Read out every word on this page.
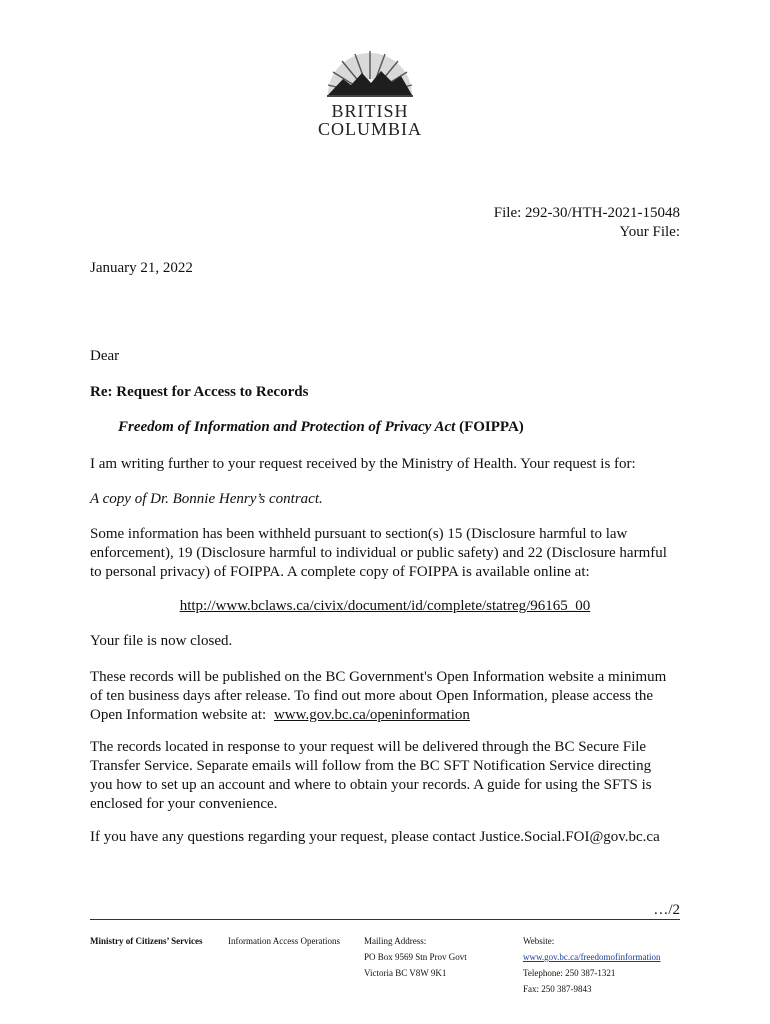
BRITISH
COLUMBIA
File: 292-30/HTH-2021-15048
Your File:
January 21, 2022
Dear
Re: Request for Access to Records
Freedom of Information and Protection of Privacy Act (FOIPPA)
I am writing further to your request received by the Ministry of Health. Your request is for:
A copy of Dr. Bonnie Henry’s contract.
Some information has been withheld pursuant to section(s) 15 (Disclosure harmful to law
enforcement), 19 (Disclosure harmful to individual or public safety) and 22 (Disclosure harmful
to personal privacy) of FOIPPA. A complete copy of FOIPPA is available online at:
http://www.bclaws.ca/civix/document/id/complete/statreg/96165_00
Your file is now closed.
These records will be published on the BC Government's Open Information website a minimum
of ten business days after release. To find out more about Open Information, please access the
Open Information website at: www.gov.bc.ca/openinformation
The records located in response to your request will be delivered through the BC Secure File
Transfer Service. Separate emails will follow from the BC SFT Notification Service directing
you how to set up an account and where to obtain your records. A guide for using the SFTS is
enclosed for your convenience.
If you have any questions regarding your request, please contact Justice.Social.FOI@gov.bc.ca
…/2
Ministry of Citizens’ Services	Information Access Operations	Mailing Address:
PO Box 9569 Stn Prov Govt
Victoria BC V8W 9K1
Website:
www.gov.bc.ca/freedomofinformation
Telephone: 250 387-1321
Fax: 250 387-9843
